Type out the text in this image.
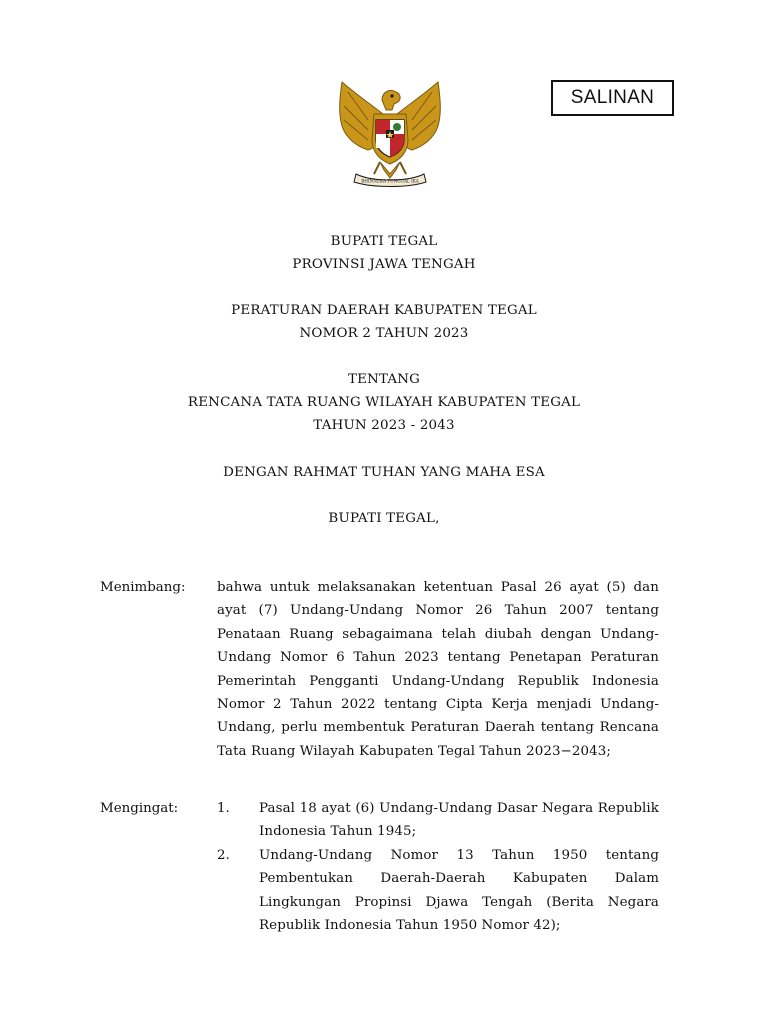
SALINAN
BHINNEKA TUNGGAL IKA
BUPATI TEGAL
PROVINSI JAWA TENGAH
PERATURAN DAERAH KABUPATEN TEGAL
NOMOR 2 TAHUN 2023
TENTANG
RENCANA TATA RUANG WILAYAH KABUPATEN TEGAL
TAHUN 2023 - 2043
DENGAN RAHMAT TUHAN YANG MAHA ESA
BUPATI TEGAL,
Menimbang: bahwa untuk melaksanakan ketentuan Pasal 26 ayat (5) dan ayat (7) Undang-Undang Nomor 26 Tahun 2007 tentang Penataan Ruang sebagaimana telah diubah dengan Undang-Undang Nomor 6 Tahun 2023 tentang Penetapan Peraturan Pemerintah Pengganti Undang-Undang Republik Indonesia Nomor 2 Tahun 2022 tentang Cipta Kerja menjadi Undang-Undang, perlu membentuk Peraturan Daerah tentang Rencana Tata Ruang Wilayah Kabupaten Tegal Tahun 2023−2043;

Mengingat:	1. Pasal 18 ayat (6) Undang-Undang Dasar Negara Republik Indonesia Tahun 1945;

2. Undang-Undang Nomor 13 Tahun 1950 tentang Pembentukan Daerah-Daerah Kabupaten Dalam Lingkungan Propinsi Djawa Tengah (Berita Negara Republik Indonesia Tahun 1950 Nomor 42);
